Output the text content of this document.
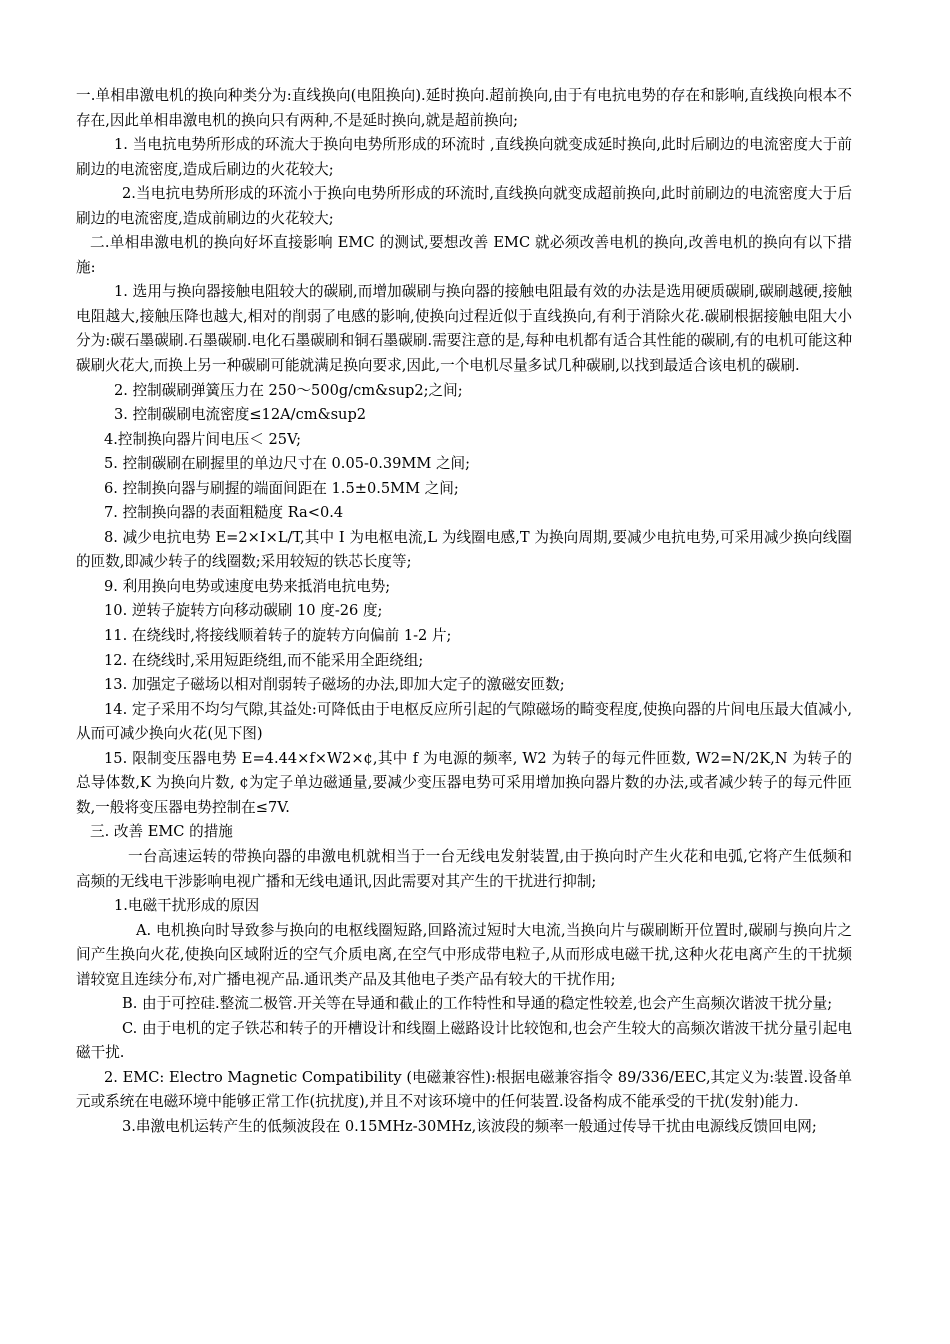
一.单相串激电机的换向种类分为:直线换向(电阻换向).延时换向.超前换向,由于有电抗电势的存在和影响,直线换向根本不存在,因此单相串激电机的换向只有两种,不是延时换向,就是超前换向;

1. 当电抗电势所形成的环流大于换向电势所形成的环流时 ,直线换向就变成延时换向,此时后刷边的电流密度大于前刷边的电流密度,造成后刷边的火花较大;

2.当电抗电势所形成的环流小于换向电势所形成的环流时,直线换向就变成超前换向,此时前刷边的电流密度大于后刷边的电流密度,造成前刷边的火花较大;

二.单相串激电机的换向好坏直接影响 EMC 的测试,要想改善 EMC 就必须改善电机的换向,改善电机的换向有以下措施:

1. 选用与换向器接触电阻较大的碳刷,而增加碳刷与换向器的接触电阻最有效的办法是选用硬质碳刷,碳刷越硬,接触电阻越大,接触压降也越大,相对的削弱了电感的影响,使换向过程近似于直线换向,有利于消除火花.碳刷根据接触电阻大小分为:碳石墨碳刷.石墨碳刷.电化石墨碳刷和铜石墨碳刷.需要注意的是,每种电机都有适合其性能的碳刷,有的电机可能这种碳刷火花大,而换上另一种碳刷可能就满足换向要求,因此,一个电机尽量多试几种碳刷,以找到最适合该电机的碳刷.

2. 控制碳刷弹簧压力在 250～500g/cm&sup2;之间;

3. 控制碳刷电流密度≤12A/cm&sup2

4.控制换向器片间电压＜ 25V;

5. 控制碳刷在刷握里的单边尺寸在 0.05-0.39MM 之间;

6. 控制换向器与刷握的端面间距在 1.5±0.5MM 之间;

7. 控制换向器的表面粗糙度 Ra<0.4

8. 减少电抗电势 E=2×I×L/T,其中 I 为电枢电流,L 为线圈电感,T 为换向周期,要减少电抗电势,可采用减少换向线圈的匝数,即减少转子的线圈数;采用较短的铁芯长度等;

9. 利用换向电势或速度电势来抵消电抗电势;

10. 逆转子旋转方向移动碳刷 10 度-26 度;

11. 在绕线时,将接线顺着转子的旋转方向偏前 1-2 片;

12. 在绕线时,采用短距绕组,而不能采用全距绕组;

13. 加强定子磁场以相对削弱转子磁场的办法,即加大定子的激磁安匝数;

14. 定子采用不均匀气隙,其益处:可降低由于电枢反应所引起的气隙磁场的畸变程度,使换向器的片间电压最大值减小,从而可减少换向火花(见下图)

15. 限制变压器电势 E=4.44×f×W2×¢,其中 f 为电源的频率, W2 为转子的每元件匝数, W2=N/2K,N 为转子的总导体数,K 为换向片数, ¢为定子单边磁通量,要减少变压器电势可采用增加换向器片数的办法,或者减少转子的每元件匝数,一般将变压器电势控制在≤7V.

三. 改善 EMC 的措施

一台高速运转的带换向器的串激电机就相当于一台无线电发射装置,由于换向时产生火花和电弧,它将产生低频和高频的无线电干涉影响电视广播和无线电通讯,因此需要对其产生的干扰进行抑制;

1.电磁干扰形成的原因

A. 电机换向时导致参与换向的电枢线圈短路,回路流过短时大电流,当换向片与碳刷断开位置时,碳刷与换向片之间产生换向火花,使换向区域附近的空气介质电离,在空气中形成带电粒子,从而形成电磁干扰,这种火花电离产生的干扰频谱较宽且连续分布,对广播电视产品.通讯类产品及其他电子类产品有较大的干扰作用;

B. 由于可控硅.整流二极管.开关等在导通和截止的工作特性和导通的稳定性较差,也会产生高频次谐波干扰分量;

C. 由于电机的定子铁芯和转子的开槽设计和线圈上磁路设计比较饱和,也会产生较大的高频次谐波干扰分量引起电磁干扰.

2. EMC: Electro Magnetic Compatibility (电磁兼容性):根据电磁兼容指令 89/336/EEC,其定义为:装置.设备单元或系统在电磁环境中能够正常工作(抗扰度),并且不对该环境中的任何装置.设备构成不能承受的干扰(发射)能力.

3.串激电机运转产生的低频波段在 0.15MHz-30MHz,该波段的频率一般通过传导干扰由电源线反馈回电网;
